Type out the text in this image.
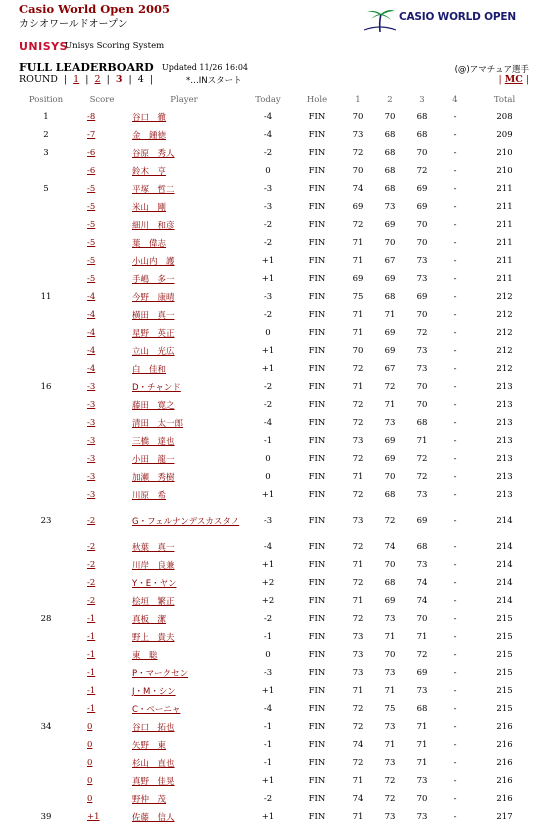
Casio World Open 2005
カシオワールドオープン
CASIO WORLD OPEN
UNISYS
Unisys Scoring System
FULL LEADERBOARD Updated 11/26 16:04	(@)アマチュア選手
ROUND  |  1  |  2  |  3  |  4  |	*…INスタート	| MC |
Position	Score	Player	Today	Hole	1	2	3	4	Total
1	-8	谷口　徹	-4	FIN	70	70	68	-	208
2	-7	金　鍾徳	-4	FIN	73	68	68	-	209
3	-6	谷原　秀人	-2	FIN	72	68	70	-	210
	-6	鈴木　亨	0	FIN	70	68	72	-	210
5	-5	平塚　哲二	-3	FIN	74	68	69	-	211
	-5	米山　剛	-3	FIN	69	73	69	-	211
	-5	細川　和彦	-2	FIN	72	69	70	-	211
	-5	葉　偉志	-2	FIN	71	70	70	-	211
	-5	小山内　護	+1	FIN	71	67	73	-	211
	-5	手嶋　多一	+1	FIN	69	69	73	-	211
11	-4	今野　康晴	-3	FIN	75	68	69	-	212
	-4	横田　真一	-2	FIN	71	71	70	-	212
	-4	星野　英正	0	FIN	71	69	72	-	212
	-4	立山　光広	+1	FIN	70	69	73	-	212
	-4	白　佳和	+1	FIN	72	67	73	-	212
16	-3	D・チャンド	-2	FIN	71	72	70	-	213
	-3	藤田　寛之	-2	FIN	72	71	70	-	213
	-3	清田　太一郎	-4	FIN	72	73	68	-	213
	-3	三橋　達也	-1	FIN	73	69	71	-	213
	-3	小田　龍一	0	FIN	72	69	72	-	213
	-3	加瀬　秀樹	0	FIN	71	70	72	-	213
	-3	川原　希	+1	FIN	72	68	73	-	213
23	-2	G・フェルナンデスカスタノ	-3	FIN	73	72	69	-	214
	-2	秋葉　真一	-4	FIN	72	74	68	-	214
	-2	川岸　良兼	+1	FIN	71	70	73	-	214
	-2	Y・E・ヤン	+2	FIN	72	68	74	-	214
	-2	桧垣　繁正	+2	FIN	71	69	74	-	214
28	-1	真板　潔	-2	FIN	72	73	70	-	215
	-1	野上　貴夫	-1	FIN	73	71	71	-	215
	-1	東　聡	0	FIN	73	70	72	-	215
	-1	P・マークセン	-3	FIN	73	73	69	-	215
	-1	J・M・シン	+1	FIN	71	71	73	-	215
	-1	C・ペーニャ	-4	FIN	72	75	68	-	215
34	0	谷口　拓也	-1	FIN	72	73	71	-	216
	0	矢野　東	-1	FIN	74	71	71	-	216
	0	杉山　直也	-1	FIN	72	73	71	-	216
	0	真野　佳晃	+1	FIN	71	72	73	-	216
	0	野仲　茂	-2	FIN	74	72	70	-	216
39	+1	佐藤　信人	+1	FIN	71	73	73	-	217
